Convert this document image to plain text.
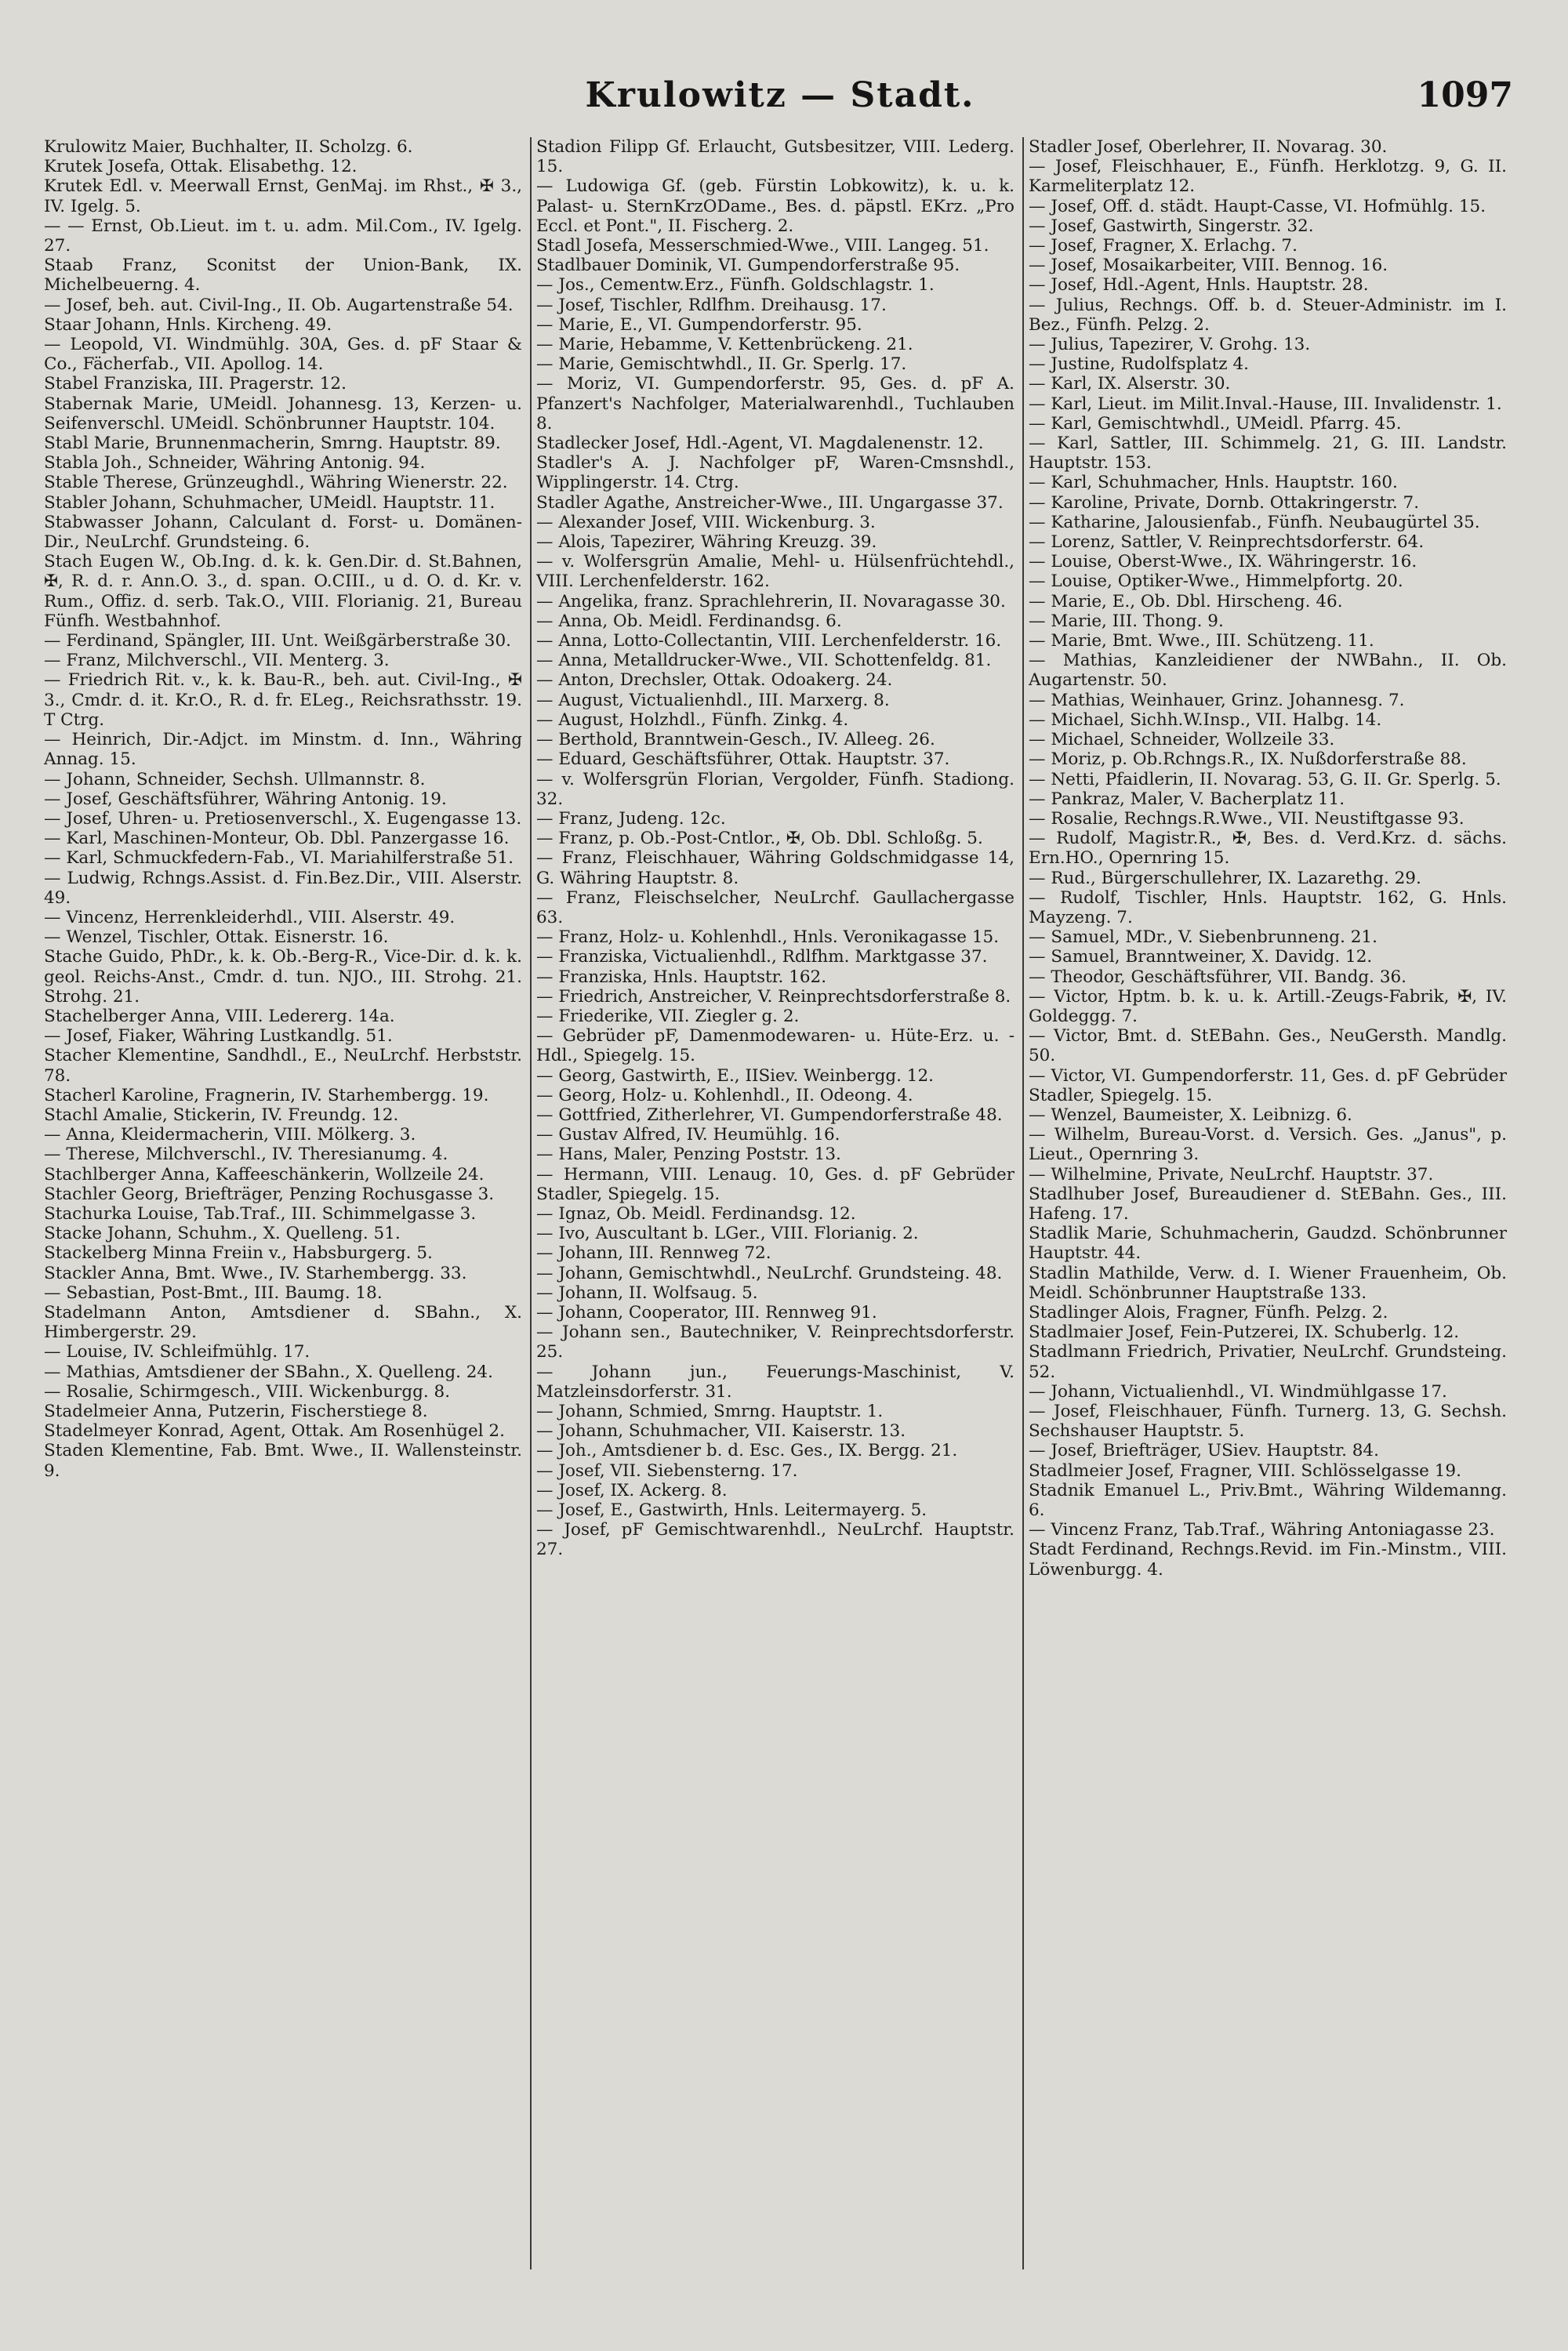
Krulowitz — Stadt.	1097

Krulowitz Maier, Buchhalter, II. Scholzg. 6.

Krutek Josefa, Ottak. Elisabethg. 12.

Krutek Edl. v. Meerwall Ernst, GenMaj. im Rhst., ✠ 3., IV. Igelg. 5.

— — Ernst, Ob.Lieut. im t. u. adm. Mil.Com., IV. Igelg. 27.

Staab Franz, Sconitst der Union-Bank, IX. Michelbeuerng. 4.

— Josef, beh. aut. Civil-Ing., II. Ob. Augartenstraße 54.

Staar Johann, Hnls. Kircheng. 49.

— Leopold, VI. Windmühlg. 30A, Ges. d. pF Staar & Co., Fächerfab., VII. Apollog. 14.

Stabel Franziska, III. Pragerstr. 12.

Stabernak Marie, UMeidl. Johannesg. 13, Kerzen- u. Seifenverschl. UMeidl. Schönbrunner Hauptstr. 104.

Stabl Marie, Brunnenmacherin, Smrng. Hauptstr. 89.

Stabla Joh., Schneider, Währing Antonig. 94.

Stable Therese, Grünzeughdl., Währing Wienerstr. 22.

Stabler Johann, Schuhmacher, UMeidl. Hauptstr. 11.

Stabwasser Johann, Calculant d. Forst- u. Domänen-Dir., NeuLrchf. Grundsteing. 6.

Stach Eugen W., Ob.Ing. d. k. k. Gen.Dir. d. St.Bahnen, ✠, R. d. r. Ann.O. 3., d. span. O.CIII., u d. O. d. Kr. v. Rum., Offiz. d. serb. Tak.O., VIII. Florianig. 21, Bureau Fünfh. Westbahnhof.

— Ferdinand, Spängler, III. Unt. Weißgärberstraße 30.

— Franz, Milchverschl., VII. Menterg. 3.

— Friedrich Rit. v., k. k. Bau-R., beh. aut. Civil-Ing., ✠ 3., Cmdr. d. it. Kr.O., R. d. fr. ELeg., Reichsrathsstr. 19. T Ctrg.

— Heinrich, Dir.-Adjct. im Minstm. d. Inn., Währing Annag. 15.

— Johann, Schneider, Sechsh. Ullmannstr. 8.

— Josef, Geschäftsführer, Währing Antonig. 19.

— Josef, Uhren- u. Pretiosenverschl., X. Eugengasse 13.

— Karl, Maschinen-Monteur, Ob. Dbl. Panzergasse 16.

— Karl, Schmuckfedern-Fab., VI. Mariahilferstraße 51.

— Ludwig, Rchngs.Assist. d. Fin.Bez.Dir., VIII. Alserstr. 49.

— Vincenz, Herrenkleiderhdl., VIII. Alserstr. 49.

— Wenzel, Tischler, Ottak. Eisnerstr. 16.

Stache Guido, PhDr., k. k. Ob.-Berg-R., Vice-Dir. d. k. k. geol. Reichs-Anst., Cmdr. d. tun. NJO., III. Strohg. 21. Strohg. 21.

Stachelberger Anna, VIII. Ledererg. 14a.

— Josef, Fiaker, Währing Lustkandlg. 51.

Stacher Klementine, Sandhdl., E., NeuLrchf. Herbststr. 78.

Stacherl Karoline, Fragnerin, IV. Starhembergg. 19.

Stachl Amalie, Stickerin, IV. Freundg. 12.

— Anna, Kleidermacherin, VIII. Mölkerg. 3.

— Therese, Milchverschl., IV. Theresianumg. 4.

Stachlberger Anna, Kaffeeschänkerin, Wollzeile 24.

Stachler Georg, Briefträger, Penzing Rochusgasse 3.

Stachurka Louise, Tab.Traf., III. Schimmelgasse 3.

Stacke Johann, Schuhm., X. Quelleng. 51.

Stackelberg Minna Freiin v., Habsburgerg. 5.

Stackler Anna, Bmt. Wwe., IV. Starhembergg. 33.

— Sebastian, Post-Bmt., III. Baumg. 18.

Stadelmann Anton, Amtsdiener d. SBahn., X. Himbergerstr. 29.

— Louise, IV. Schleifmühlg. 17.

— Mathias, Amtsdiener der SBahn., X. Quelleng. 24.

— Rosalie, Schirmgesch., VIII. Wickenburgg. 8.

Stadelmeier Anna, Putzerin, Fischerstiege 8.

Stadelmeyer Konrad, Agent, Ottak. Am Rosenhügel 2.

Staden Klementine, Fab. Bmt. Wwe., II. Wallensteinstr. 9.

Stadion Filipp Gf. Erlaucht, Gutsbesitzer, VIII. Lederg. 15.

— Ludowiga Gf. (geb. Fürstin Lobkowitz), k. u. k. Palast- u. SternKrzODame., Bes. d. päpstl. EKrz. „Pro Eccl. et Pont.", II. Fischerg. 2.

Stadl Josefa, Messerschmied-Wwe., VIII. Langeg. 51.

Stadlbauer Dominik, VI. Gumpendorferstraße 95.

— Jos., Cementw.Erz., Fünfh. Goldschlagstr. 1.

— Josef, Tischler, Rdlfhm. Dreihausg. 17.

— Marie, E., VI. Gumpendorferstr. 95.

— Marie, Hebamme, V. Kettenbrückeng. 21.

— Marie, Gemischtwhdl., II. Gr. Sperlg. 17.

— Moriz, VI. Gumpendorferstr. 95, Ges. d. pF A. Pfanzert's Nachfolger, Materialwarenhdl., Tuchlauben 8.

Stadlecker Josef, Hdl.-Agent, VI. Magdalenenstr. 12.

Stadler's A. J. Nachfolger pF, Waren-Cmsnshdl., Wipplingerstr. 14. Ctrg.

Stadler Agathe, Anstreicher-Wwe., III. Ungargasse 37.

— Alexander Josef, VIII. Wickenburg. 3.

— Alois, Tapezirer, Währing Kreuzg. 39.

— v. Wolfersgrün Amalie, Mehl- u. Hülsenfrüchtehdl., VIII. Lerchenfelderstr. 162.

— Angelika, franz. Sprachlehrerin, II. Novaragasse 30.

— Anna, Ob. Meidl. Ferdinandsg. 6.

— Anna, Lotto-Collectantin, VIII. Lerchenfelderstr. 16.

— Anna, Metalldrucker-Wwe., VII. Schottenfeldg. 81.

— Anton, Drechsler, Ottak. Odoakerg. 24.

— August, Victualienhdl., III. Marxerg. 8.

— August, Holzhdl., Fünfh. Zinkg. 4.

— Berthold, Branntwein-Gesch., IV. Alleeg. 26.

— Eduard, Geschäftsführer, Ottak. Hauptstr. 37.

— v. Wolfersgrün Florian, Vergolder, Fünfh. Stadiong. 32.

— Franz, Judeng. 12c.

— Franz, p. Ob.-Post-Cntlor., ✠, Ob. Dbl. Schloßg. 5.

— Franz, Fleischhauer, Währing Goldschmidgasse 14, G. Währing Hauptstr. 8.

— Franz, Fleischselcher, NeuLrchf. Gaullachergasse 63.

— Franz, Holz- u. Kohlenhdl., Hnls. Veronikagasse 15.

— Franziska, Victualienhdl., Rdlfhm. Marktgasse 37.

— Franziska, Hnls. Hauptstr. 162.

— Friedrich, Anstreicher, V. Reinprechtsdorferstraße 8.

— Friederike, VII. Ziegler g. 2.

— Gebrüder pF, Damenmodewaren- u. Hüte-Erz. u. -Hdl., Spiegelg. 15.

— Georg, Gastwirth, E., IISiev. Weinbergg. 12.

— Georg, Holz- u. Kohlenhdl., II. Odeong. 4.

— Gottfried, Zitherlehrer, VI. Gumpendorferstraße 48.

— Gustav Alfred, IV. Heumühlg. 16.

— Hans, Maler, Penzing Poststr. 13.

— Hermann, VIII. Lenaug. 10, Ges. d. pF Gebrüder Stadler, Spiegelg. 15.

— Ignaz, Ob. Meidl. Ferdinandsg. 12.

— Ivo, Auscultant b. LGer., VIII. Florianig. 2.

— Johann, III. Rennweg 72.

— Johann, Gemischtwhdl., NeuLrchf. Grundsteing. 48.

— Johann, II. Wolfsaug. 5.

— Johann, Cooperator, III. Rennweg 91.

— Johann sen., Bautechniker, V. Reinprechtsdorferstr. 25.

— Johann jun., Feuerungs-Maschinist, V. Matzleinsdorferstr. 31.

— Johann, Schmied, Smrng. Hauptstr. 1.

— Johann, Schuhmacher, VII. Kaiserstr. 13.

— Joh., Amtsdiener b. d. Esc. Ges., IX. Bergg. 21.

— Josef, VII. Siebensterng. 17.

— Josef, IX. Ackerg. 8.

— Josef, E., Gastwirth, Hnls. Leitermayerg. 5.

— Josef, pF Gemischtwarenhdl., NeuLrchf. Hauptstr. 27.

Stadler Josef, Oberlehrer, II. Novarag. 30.

— Josef, Fleischhauer, E., Fünfh. Herklotzg. 9, G. II. Karmeliterplatz 12.

— Josef, Off. d. städt. Haupt-Casse, VI. Hofmühlg. 15.

— Josef, Gastwirth, Singerstr. 32.

— Josef, Fragner, X. Erlachg. 7.

— Josef, Mosaikarbeiter, VIII. Bennog. 16.

— Josef, Hdl.-Agent, Hnls. Hauptstr. 28.

— Julius, Rechngs. Off. b. d. Steuer-Administr. im I. Bez., Fünfh. Pelzg. 2.

— Julius, Tapezirer, V. Grohg. 13.

— Justine, Rudolfsplatz 4.

— Karl, IX. Alserstr. 30.

— Karl, Lieut. im Milit.Inval.-Hause, III. Invalidenstr. 1.

— Karl, Gemischtwhdl., UMeidl. Pfarrg. 45.

— Karl, Sattler, III. Schimmelg. 21, G. III. Landstr. Hauptstr. 153.

— Karl, Schuhmacher, Hnls. Hauptstr. 160.

— Karoline, Private, Dornb. Ottakringerstr. 7.

— Katharine, Jalousienfab., Fünfh. Neubaugürtel 35.

— Lorenz, Sattler, V. Reinprechtsdorferstr. 64.

— Louise, Oberst-Wwe., IX. Währingerstr. 16.

— Louise, Optiker-Wwe., Himmelpfortg. 20.

— Marie, E., Ob. Dbl. Hirscheng. 46.

— Marie, III. Thong. 9.

— Marie, Bmt. Wwe., III. Schützeng. 11.

— Mathias, Kanzleidiener der NWBahn., II. Ob. Augartenstr. 50.

— Mathias, Weinhauer, Grinz. Johannesg. 7.

— Michael, Sichh.W.Insp., VII. Halbg. 14.

— Michael, Schneider, Wollzeile 33.

— Moriz, p. Ob.Rchngs.R., IX. Nußdorferstraße 88.

— Netti, Pfaidlerin, II. Novarag. 53, G. II. Gr. Sperlg. 5.

— Pankraz, Maler, V. Bacherplatz 11.

— Rosalie, Rechngs.R.Wwe., VII. Neustiftgasse 93.

— Rudolf, Magistr.R., ✠, Bes. d. Verd.Krz. d. sächs. Ern.HO., Opernring 15.

— Rud., Bürgerschullehrer, IX. Lazarethg. 29.

— Rudolf, Tischler, Hnls. Hauptstr. 162, G. Hnls. Mayzeng. 7.

— Samuel, MDr., V. Siebenbrunneng. 21.

— Samuel, Branntweiner, X. Davidg. 12.

— Theodor, Geschäftsführer, VII. Bandg. 36.

— Victor, Hptm. b. k. u. k. Artill.-Zeugs-Fabrik, ✠, IV. Goldeggg. 7.

— Victor, Bmt. d. StEBahn. Ges., NeuGersth. Mandlg. 50.

— Victor, VI. Gumpendorferstr. 11, Ges. d. pF Gebrüder Stadler, Spiegelg. 15.

— Wenzel, Baumeister, X. Leibnizg. 6.

— Wilhelm, Bureau-Vorst. d. Versich. Ges. „Janus", p. Lieut., Opernring 3.

— Wilhelmine, Private, NeuLrchf. Hauptstr. 37.

Stadlhuber Josef, Bureaudiener d. StEBahn. Ges., III. Hafeng. 17.

Stadlik Marie, Schuhmacherin, Gaudzd. Schönbrunner Hauptstr. 44.

Stadlin Mathilde, Verw. d. I. Wiener Frauenheim, Ob. Meidl. Schönbrunner Hauptstraße 133.

Stadlinger Alois, Fragner, Fünfh. Pelzg. 2.

Stadlmaier Josef, Fein-Putzerei, IX. Schuberlg. 12.

Stadlmann Friedrich, Privatier, NeuLrchf. Grundsteing. 52.

— Johann, Victualienhdl., VI. Windmühlgasse 17.

— Josef, Fleischhauer, Fünfh. Turnerg. 13, G. Sechsh. Sechshauser Hauptstr. 5.

— Josef, Briefträger, USiev. Hauptstr. 84.

Stadlmeier Josef, Fragner, VIII. Schlösselgasse 19.

Stadnik Emanuel L., Priv.Bmt., Währing Wildemanng. 6.

— Vincenz Franz, Tab.Traf., Währing Antoniagasse 23.

Stadt Ferdinand, Rechngs.Revid. im Fin.-Minstm., VIII. Löwenburgg. 4.
